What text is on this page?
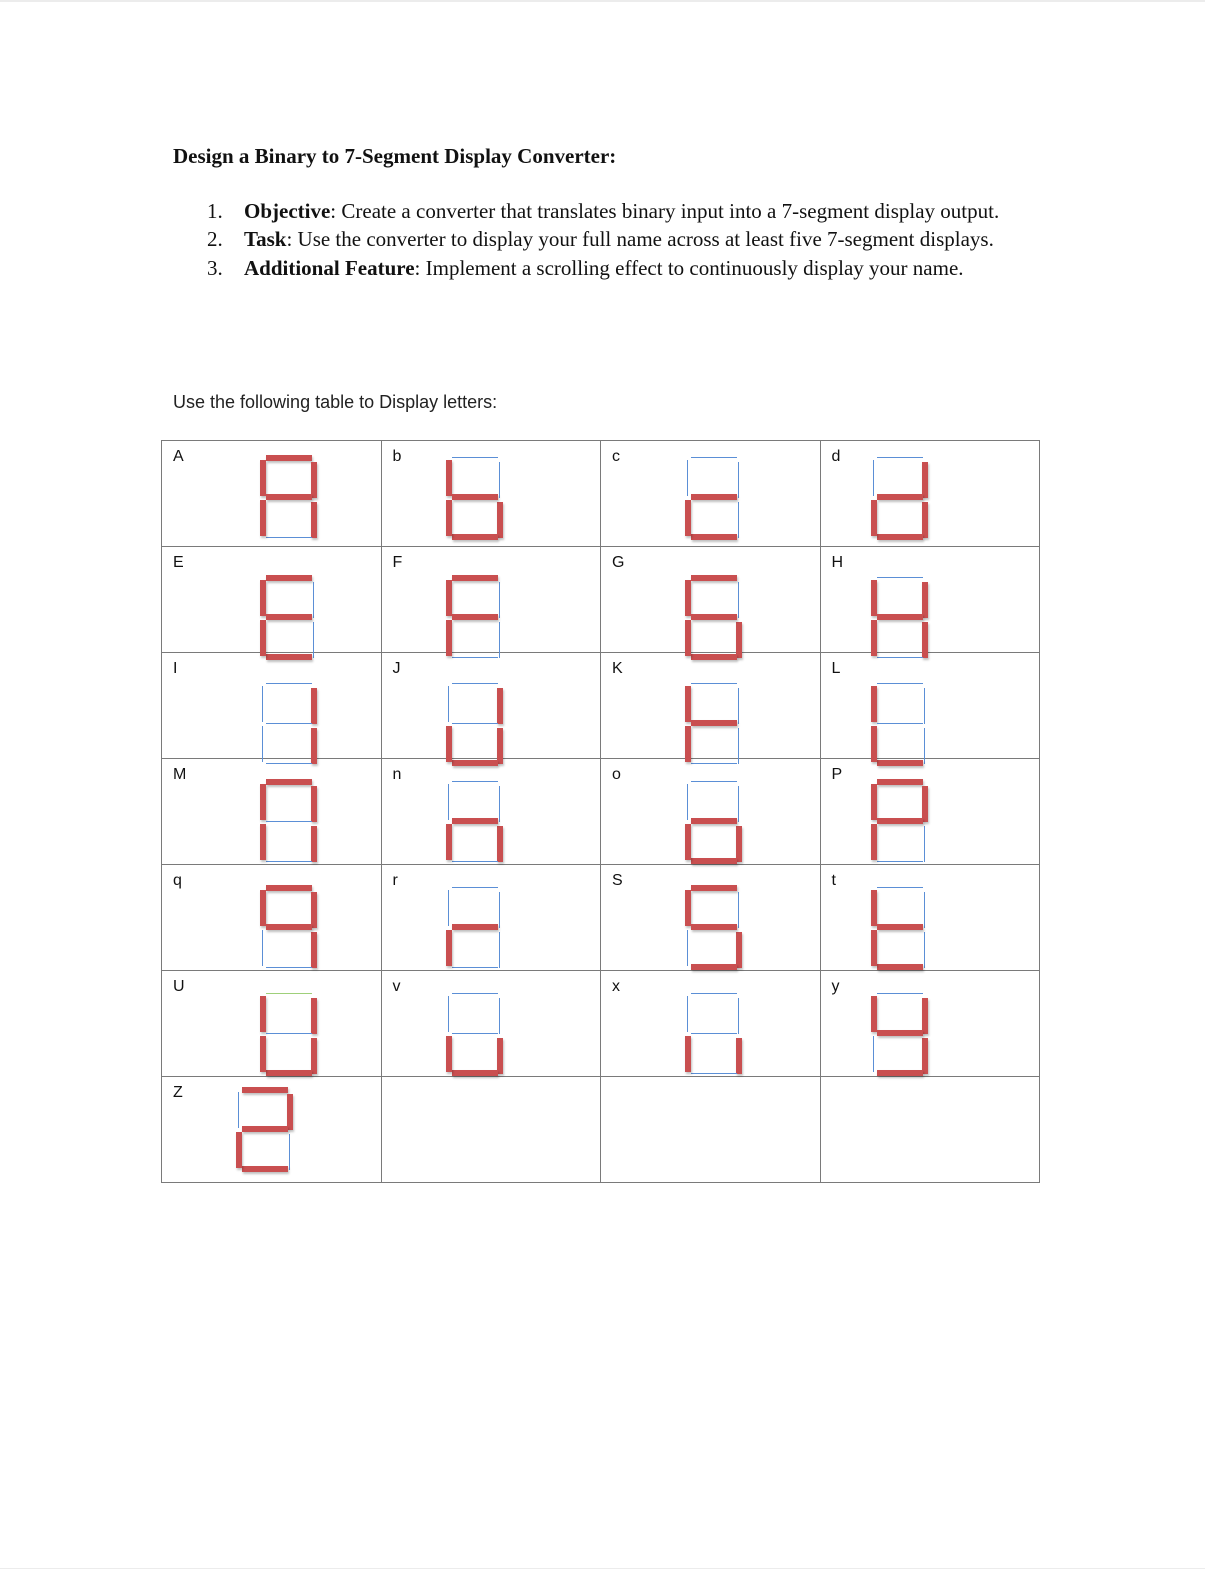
Design a Binary to 7-Segment Display Converter:
1. Objective: Create a converter that translates binary input into a 7-segment display output.
2. Task: Use the converter to display your full name across at least five 7-segment displays.
3. Additional Feature: Implement a scrolling effect to continuously display your name.
Use the following table to Display letters:
A	b	c	d

E	F	G	H

I	J	K	L

M	n	o	P

q	r	S	t

U	v	x	y

Z			
